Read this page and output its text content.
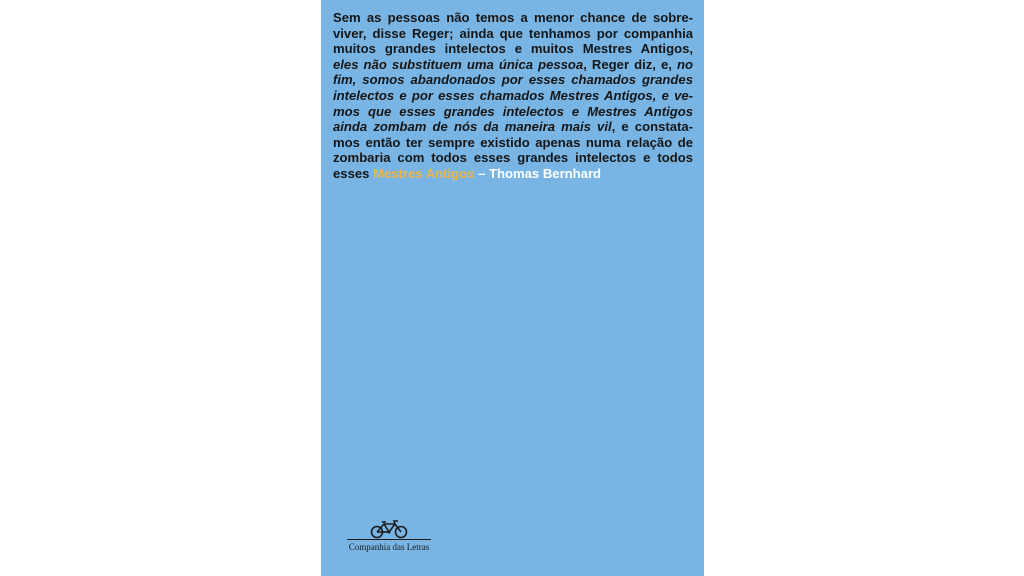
Sem as pessoas não temos a menor chance de sobre-
viver, disse Reger; ainda que tenhamos por companhia
muitos grandes intelectos e muitos Mestres Antigos,
eles não substituem uma única pessoa, Reger diz, e, no
fim, somos abandonados por esses chamados grandes
intelectos e por esses chamados Mestres Antigos, e ve-
mos que esses grandes intelectos e Mestres Antigos
ainda zombam de nós da maneira mais vil, e constata-
mos então ter sempre existido apenas numa relação de
zombaria com todos esses grandes intelectos e todos
esses Mestres Antigos – Thomas Bernhard
Companhia das Letras
